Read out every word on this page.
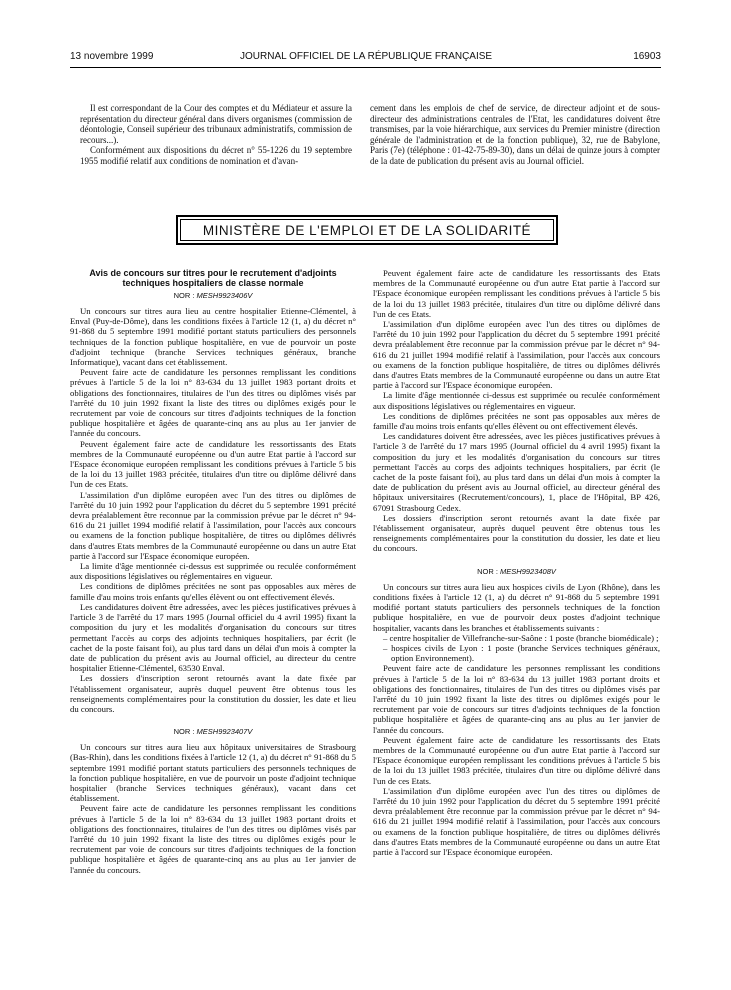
13 novembre 1999	JOURNAL OFFICIEL DE LA RÉPUBLIQUE FRANÇAISE	16903

Il est correspondant de la Cour des comptes et du Médiateur et assure la représentation du directeur général dans divers organismes (commission de déontologie, Conseil supérieur des tribunaux administratifs, commission de recours...).

Conformément aux dispositions du décret n° 55-1226 du 19 septembre 1955 modifié relatif aux conditions de nomination et d'avan-

cement dans les emplois de chef de service, de directeur adjoint et de sous-directeur des administrations centrales de l'Etat, les candidatures doivent être transmises, par la voie hiérarchique, aux services du Premier ministre (direction générale de l'administration et de la fonction publique), 32, rue de Babylone, Paris (7e) (téléphone : 01-42-75-89-30), dans un délai de quinze jours à compter de la date de publication du présent avis au Journal officiel.

MINISTÈRE DE L'EMPLOI ET DE LA SOLIDARITÉ
Avis de concours sur titres pour le recrutement d'adjoints techniques hospitaliers de classe normale
NOR : MESH9923406V

Un concours sur titres aura lieu au centre hospitalier Etienne-Clémentel, à Enval (Puy-de-Dôme), dans les conditions fixées à l'article 12 (1, a) du décret n° 91-868 du 5 septembre 1991 modifié portant statuts particuliers des personnels techniques de la fonction publique hospitalière, en vue de pourvoir un poste d'adjoint technique (branche Services techniques généraux, branche Informatique), vacant dans cet établissement.

Peuvent faire acte de candidature les personnes remplissant les conditions prévues à l'article 5 de la loi n° 83-634 du 13 juillet 1983 portant droits et obligations des fonctionnaires, titulaires de l'un des titres ou diplômes visés par l'arrêté du 10 juin 1992 fixant la liste des titres ou diplômes exigés pour le recrutement par voie de concours sur titres d'adjoints techniques de la fonction publique hospitalière et âgées de quarante-cinq ans au plus au 1er janvier de l'année du concours.

Peuvent également faire acte de candidature les ressortissants des Etats membres de la Communauté européenne ou d'un autre Etat partie à l'accord sur l'Espace économique européen remplissant les conditions prévues à l'article 5 bis de la loi du 13 juillet 1983 précitée, titulaires d'un titre ou diplôme délivré dans l'un de ces Etats.

L'assimilation d'un diplôme européen avec l'un des titres ou diplômes de l'arrêté du 10 juin 1992 pour l'application du décret du 5 septembre 1991 précité devra préalablement être reconnue par la commission prévue par le décret n° 94-616 du 21 juillet 1994 modifié relatif à l'assimilation, pour l'accès aux concours ou examens de la fonction publique hospitalière, de titres ou diplômes délivrés dans d'autres Etats membres de la Communauté européenne ou dans un autre Etat partie à l'accord sur l'Espace économique européen.

La limite d'âge mentionnée ci-dessus est supprimée ou reculée conformément aux dispositions législatives ou réglementaires en vigueur.

Les conditions de diplômes précitées ne sont pas opposables aux mères de famille d'au moins trois enfants qu'elles élèvent ou ont effectivement élevés.

Les candidatures doivent être adressées, avec les pièces justificatives prévues à l'article 3 de l'arrêté du 17 mars 1995 (Journal officiel du 4 avril 1995) fixant la composition du jury et les modalités d'organisation du concours sur titres permettant l'accès au corps des adjoints techniques hospitaliers, par écrit (le cachet de la poste faisant foi), au plus tard dans un délai d'un mois à compter la date de publication du présent avis au Journal officiel, au directeur du centre hospitalier Etienne-Clémentel, 63530 Enval.

Les dossiers d'inscription seront retournés avant la date fixée par l'établissement organisateur, auprès duquel peuvent être obtenus tous les renseignements complémentaires pour la constitution du dossier, les date et lieu du concours.

NOR : MESH9923407V

Un concours sur titres aura lieu aux hôpitaux universitaires de Strasbourg (Bas-Rhin), dans les conditions fixées à l'article 12 (1, a) du décret n° 91-868 du 5 septembre 1991 modifié portant statuts particuliers des personnels techniques de la fonction publique hospitalière, en vue de pourvoir un poste d'adjoint technique hospitalier (branche Services techniques généraux), vacant dans cet établissement.

Peuvent faire acte de candidature les personnes remplissant les conditions prévues à l'article 5 de la loi n° 83-634 du 13 juillet 1983 portant droits et obligations des fonctionnaires, titulaires de l'un des titres ou diplômes visés par l'arrêté du 10 juin 1992 fixant la liste des titres ou diplômes exigés pour le recrutement par voie de concours sur titres d'adjoints techniques de la fonction publique hospitalière et âgées de quarante-cinq ans au plus au 1er janvier de l'année du concours.

Peuvent également faire acte de candidature les ressortissants des Etats membres de la Communauté européenne ou d'un autre Etat partie à l'accord sur l'Espace économique européen remplissant les conditions prévues à l'article 5 bis de la loi du 13 juillet 1983 précitée, titulaires d'un titre ou diplôme délivré dans l'un de ces Etats.

L'assimilation d'un diplôme européen avec l'un des titres ou diplômes de l'arrêté du 10 juin 1992 pour l'application du décret du 5 septembre 1991 précité devra préalablement être reconnue par la commission prévue par le décret n° 94-616 du 21 juillet 1994 modifié relatif à l'assimilation, pour l'accès aux concours ou examens de la fonction publique hospitalière, de titres ou diplômes délivrés dans d'autres Etats membres de la Communauté européenne ou dans un autre Etat partie à l'accord sur l'Espace économique européen.

La limite d'âge mentionnée ci-dessus est supprimée ou reculée conformément aux dispositions législatives ou réglementaires en vigueur.

Les conditions de diplômes précitées ne sont pas opposables aux mères de famille d'au moins trois enfants qu'elles élèvent ou ont effectivement élevés.

Les candidatures doivent être adressées, avec les pièces justificatives prévues à l'article 3 de l'arrêté du 17 mars 1995 (Journal officiel du 4 avril 1995) fixant la composition du jury et les modalités d'organisation du concours sur titres permettant l'accès au corps des adjoints techniques hospitaliers, par écrit (le cachet de la poste faisant foi), au plus tard dans un délai d'un mois à compter la date de publication du présent avis au Journal officiel, au directeur général des hôpitaux universitaires (Recrutement/concours), 1, place de l'Hôpital, BP 426, 67091 Strasbourg Cedex.

Les dossiers d'inscription seront retournés avant la date fixée par l'établissement organisateur, auprès duquel peuvent être obtenus tous les renseignements complémentaires pour la constitution du dossier, les date et lieu du concours.

NOR : MESH9923408V

Un concours sur titres aura lieu aux hospices civils de Lyon (Rhône), dans les conditions fixées à l'article 12 (1, a) du décret n° 91-868 du 5 septembre 1991 modifié portant statuts particuliers des personnels techniques de la fonction publique hospitalière, en vue de pourvoir deux postes d'adjoint technique hospitalier, vacants dans les branches et établissements suivants :

– centre hospitalier de Villefranche-sur-Saône : 1 poste (branche biomédicale) ;
– hospices civils de Lyon : 1 poste (branche Services techniques généraux, option Environnement).

Peuvent faire acte de candidature les personnes remplissant les conditions prévues à l'article 5 de la loi n° 83-634 du 13 juillet 1983 portant droits et obligations des fonctionnaires, titulaires de l'un des titres ou diplômes visés par l'arrêté du 10 juin 1992 fixant la liste des titres ou diplômes exigés pour le recrutement par voie de concours sur titres d'adjoints techniques de la fonction publique hospitalière et âgées de quarante-cinq ans au plus au 1er janvier de l'année du concours.

Peuvent également faire acte de candidature les ressortissants des Etats membres de la Communauté européenne ou d'un autre Etat partie à l'accord sur l'Espace économique européen remplissant les conditions prévues à l'article 5 bis de la loi du 13 juillet 1983 précitée, titulaires d'un titre ou diplôme délivré dans l'un de ces Etats.

L'assimilation d'un diplôme européen avec l'un des titres ou diplômes de l'arrêté du 10 juin 1992 pour l'application du décret du 5 septembre 1991 précité devra préalablement être reconnue par la commission prévue par le décret n° 94-616 du 21 juillet 1994 modifié relatif à l'assimilation, pour l'accès aux concours ou examens de la fonction publique hospitalière, de titres ou diplômes délivrés dans d'autres Etats membres de la Communauté européenne ou dans un autre Etat partie à l'accord sur l'Espace économique européen.
